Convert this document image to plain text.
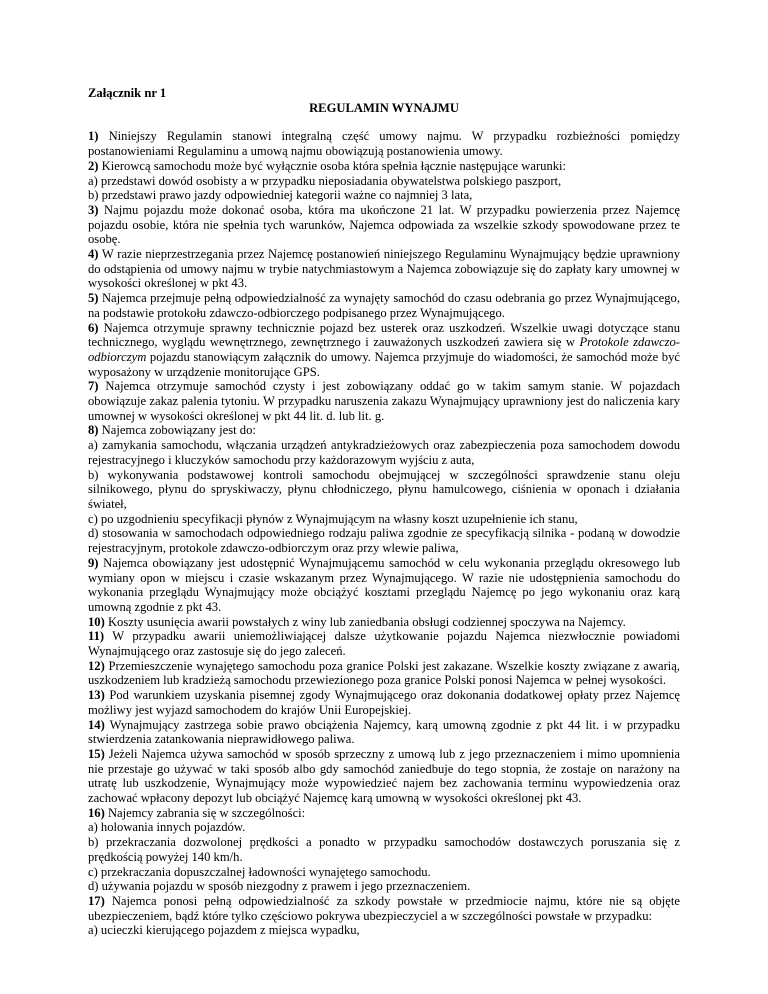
Załącznik nr 1

REGULAMIN WYNAJMU

1) Niniejszy Regulamin stanowi integralną część umowy najmu. W przypadku rozbieżności pomiędzy postanowieniami Regulaminu a umową najmu obowiązują postanowienia umowy.

2) Kierowcą samochodu może być wyłącznie osoba która spełnia łącznie następujące warunki:

a) przedstawi dowód osobisty a w przypadku nieposiadania obywatelstwa polskiego paszport,

b) przedstawi prawo jazdy odpowiedniej kategorii ważne co najmniej 3 lata,

3) Najmu pojazdu może dokonać osoba, która ma ukończone 21 lat. W przypadku powierzenia przez Najemcę pojazdu osobie, która nie spełnia tych warunków, Najemca odpowiada za wszelkie szkody spowodowane przez te osobę.

4) W razie nieprzestrzegania przez Najemcę postanowień niniejszego Regulaminu Wynajmujący będzie uprawniony do odstąpienia od umowy najmu w trybie natychmiastowym a Najemca zobowiązuje się do zapłaty kary umownej w wysokości określonej w pkt 43.

5) Najemca przejmuje pełną odpowiedzialność za wynajęty samochód do czasu odebrania go przez Wynajmującego, na podstawie protokołu zdawczo-odbiorczego podpisanego przez Wynajmującego.

6) Najemca otrzymuje sprawny technicznie pojazd bez usterek oraz uszkodzeń. Wszelkie uwagi dotyczące stanu technicznego, wyglądu wewnętrznego, zewnętrznego i zauważonych uszkodzeń zawiera się w Protokole zdawczo-odbiorczym pojazdu stanowiącym załącznik do umowy. Najemca przyjmuje do wiadomości, że samochód może być wyposażony w urządzenie monitorujące GPS.

7) Najemca otrzymuje samochód czysty i jest zobowiązany oddać go w takim samym stanie. W pojazdach obowiązuje zakaz palenia tytoniu. W przypadku naruszenia zakazu Wynajmujący uprawniony jest do naliczenia kary umownej w wysokości określonej w pkt 44 lit. d. lub lit. g.

8) Najemca zobowiązany jest do:

a) zamykania samochodu, włączania urządzeń antykradzieżowych oraz zabezpieczenia poza samochodem dowodu rejestracyjnego i kluczyków samochodu przy każdorazowym wyjściu z auta,

b) wykonywania podstawowej kontroli samochodu obejmującej w szczególności sprawdzenie stanu oleju silnikowego, płynu do spryskiwaczy, płynu chłodniczego, płynu hamulcowego, ciśnienia w oponach i działania świateł,

c) po uzgodnieniu specyfikacji płynów z Wynajmującym na własny koszt uzupełnienie ich stanu,

d) stosowania w samochodach odpowiedniego rodzaju paliwa zgodnie ze specyfikacją silnika - podaną w dowodzie rejestracyjnym, protokole zdawczo-odbiorczym oraz przy wlewie paliwa,

9) Najemca obowiązany jest udostępnić Wynajmującemu samochód w celu wykonania przeglądu okresowego lub wymiany opon w miejscu i czasie wskazanym przez Wynajmującego. W razie nie udostępnienia samochodu do wykonania przeglądu Wynajmujący może obciążyć kosztami przeglądu Najemcę po jego wykonaniu oraz karą umowną zgodnie z pkt 43.

10) Koszty usunięcia awarii powstałych z winy lub zaniedbania obsługi codziennej spoczywa na Najemcy.

11) W przypadku awarii uniemożliwiającej dalsze użytkowanie pojazdu Najemca niezwłocznie powiadomi Wynajmującego oraz zastosuje się do jego zaleceń.

12) Przemieszczenie wynajętego samochodu poza granice Polski jest zakazane. Wszelkie koszty związane z awarią, uszkodzeniem lub kradzieżą samochodu przewiezionego poza granice Polski ponosi Najemca w pełnej wysokości.

13) Pod warunkiem uzyskania pisemnej zgody Wynajmującego oraz dokonania dodatkowej opłaty przez Najemcę możliwy jest wyjazd samochodem do krajów Unii Europejskiej.

14) Wynajmujący zastrzega sobie prawo obciążenia Najemcy, karą umowną zgodnie z pkt 44 lit. i w przypadku stwierdzenia zatankowania nieprawidłowego paliwa.

15) Jeżeli Najemca używa samochód w sposób sprzeczny z umową lub z jego przeznaczeniem i mimo upomnienia nie przestaje go używać w taki sposób albo gdy samochód zaniedbuje do tego stopnia, że zostaje on narażony na utratę lub uszkodzenie, Wynajmujący może wypowiedzieć najem bez zachowania terminu wypowiedzenia oraz zachować wpłacony depozyt lub obciążyć Najemcę karą umowną w wysokości określonej pkt 43.

16) Najemcy zabrania się w szczególności:

a) holowania innych pojazdów.

b) przekraczania dozwolonej prędkości a ponadto w przypadku samochodów dostawczych poruszania się z prędkością powyżej 140 km/h.

c) przekraczania dopuszczalnej ładowności wynajętego samochodu.

d) używania pojazdu w sposób niezgodny z prawem i jego przeznaczeniem.

17) Najemca ponosi pełną odpowiedzialność za szkody powstałe w przedmiocie najmu, które nie są objęte ubezpieczeniem, bądź które tylko częściowo pokrywa ubezpieczyciel a w szczególności powstałe w przypadku:

a) ucieczki kierującego pojazdem z miejsca wypadku,
